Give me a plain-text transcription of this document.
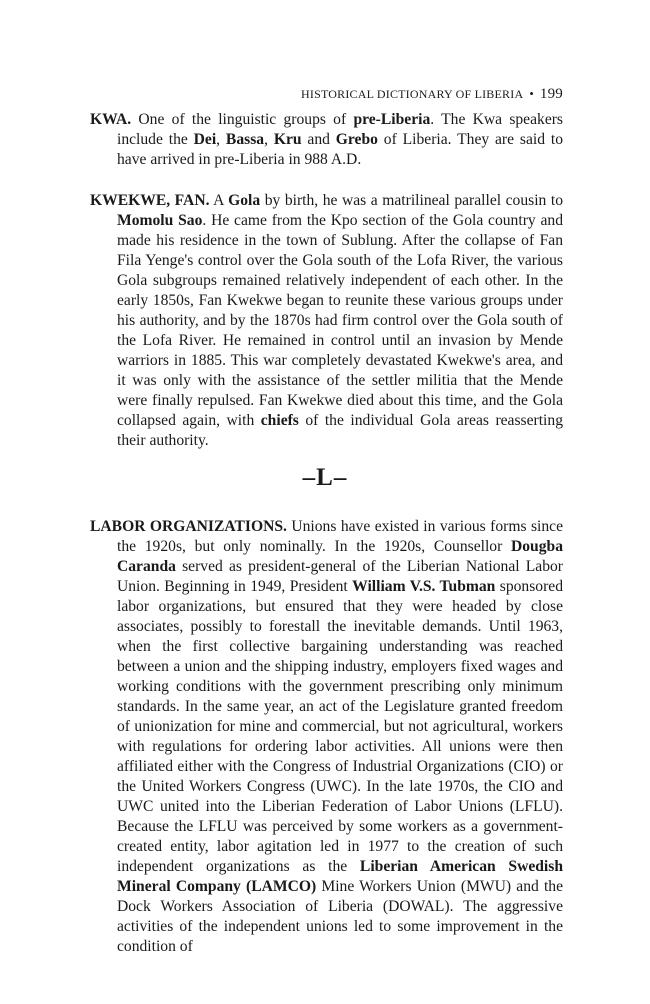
HISTORICAL DICTIONARY OF LIBERIA • 199

KWA. One of the linguistic groups of pre-Liberia. The Kwa speakers include the Dei, Bassa, Kru and Grebo of Liberia. They are said to have arrived in pre-Liberia in 988 A.D.

KWEKWE, FAN. A Gola by birth, he was a matrilineal parallel cousin to Momolu Sao. He came from the Kpo section of the Gola country and made his residence in the town of Sublung. After the collapse of Fan Fila Yenge's control over the Gola south of the Lofa River, the various Gola subgroups remained relatively independent of each other. In the early 1850s, Fan Kwekwe began to reunite these various groups under his authority, and by the 1870s had firm control over the Gola south of the Lofa River. He remained in control until an invasion by Mende warriors in 1885. This war completely devastated Kwekwe's area, and it was only with the assistance of the settler militia that the Mende were finally repulsed. Fan Kwekwe died about this time, and the Gola collapsed again, with chiefs of the individual Gola areas reasserting their authority.

–L–

LABOR ORGANIZATIONS. Unions have existed in various forms since the 1920s, but only nominally. In the 1920s, Counsellor Dougba Caranda served as president-general of the Liberian National Labor Union. Beginning in 1949, President William V.S. Tubman sponsored labor organizations, but ensured that they were headed by close associates, possibly to forestall the inevitable demands. Until 1963, when the first collective bargaining understanding was reached between a union and the shipping industry, employers fixed wages and working conditions with the government prescribing only minimum standards. In the same year, an act of the Legislature granted freedom of unionization for mine and commercial, but not agricultural, workers with regulations for ordering labor activities. All unions were then affiliated either with the Congress of Industrial Organizations (CIO) or the United Workers Congress (UWC). In the late 1970s, the CIO and UWC united into the Liberian Federation of Labor Unions (LFLU). Because the LFLU was perceived by some workers as a government-created entity, labor agitation led in 1977 to the creation of such independent organizations as the Liberian American Swedish Mineral Company (LAMCO) Mine Workers Union (MWU) and the Dock Workers Association of Liberia (DOWAL). The aggressive activities of the independent unions led to some improvement in the condition of
